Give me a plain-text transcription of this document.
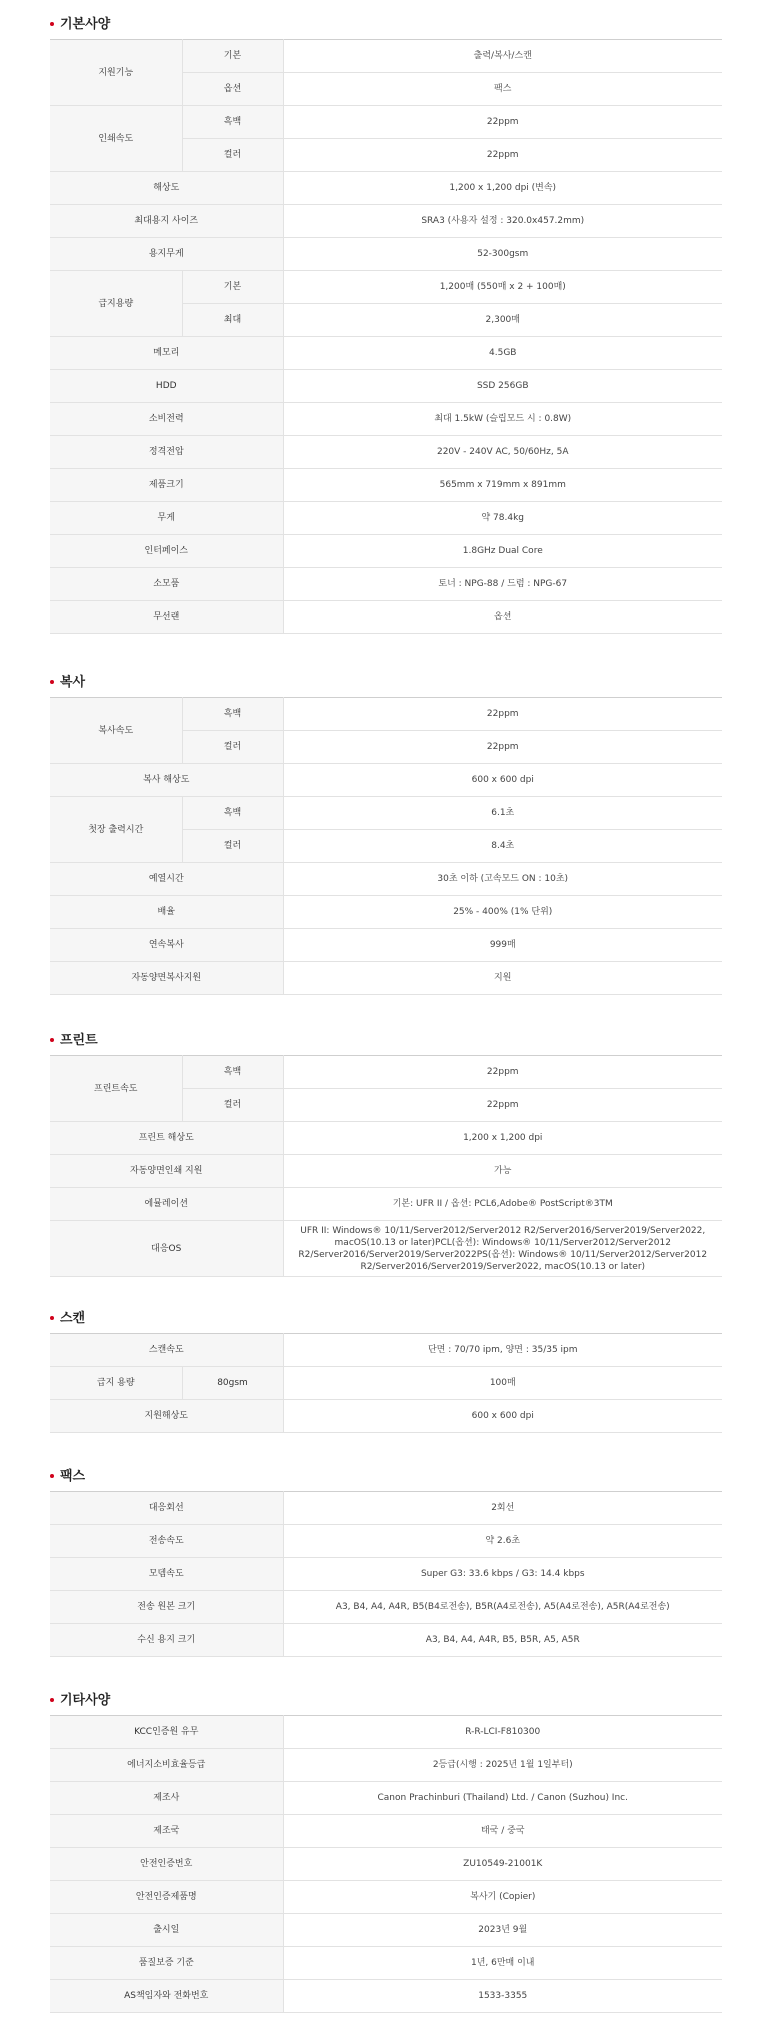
기본사양
지원기능	기본	출력/복사/스캔
	옵션	팩스
인쇄속도	흑백	22ppm
	컬러	22ppm
해상도		1,200 x 1,200 dpi (변속)
최대용지 사이즈		SRA3 (사용자 설정 : 320.0x457.2mm)
용지무게		52-300gsm
급지용량	기본	1,200매 (550매 x 2 + 100매)
	최대	2,300매
메모리		4.5GB
HDD		SSD 256GB
소비전력		최대 1.5kW (슬립모드 시 : 0.8W)
정격전압		220V - 240V AC, 50/60Hz, 5A
제품크기		565mm x 719mm x 891mm
무게		약 78.4kg
인터페이스		1.8GHz Dual Core
소모품		토너 : NPG-88 / 드럼 : NPG-67
무선랜		옵션
복사
복사속도	흑백	22ppm
	컬러	22ppm
복사 해상도		600 x 600 dpi
첫장 출력시간	흑백	6.1초
	컬러	8.4초
예열시간		30초 이하 (고속모드 ON : 10초)
배율		25% - 400% (1% 단위)
연속복사		999매
자동양면복사지원		지원
프린트
프린트속도	흑백	22ppm
	컬러	22ppm
프린트 해상도		1,200 x 1,200 dpi
자동양면인쇄 지원		가능
에뮬레이션		기본: UFR II / 옵션: PCL6,Adobe® PostScript®3TM
대응OS		UFR II: Windows® 10/11/Server2012/Server2012 R2/Server2016/Server2019/Server2022, macOS(10.13 or later)PCL(옵션): Windows® 10/11/Server2012/Server2012 R2/Server2016/Server2019/Server2022PS(옵션): Windows® 10/11/Server2012/Server2012 R2/Server2016/Server2019/Server2022, macOS(10.13 or later)
스캔
스캔속도		단면 : 70/70 ipm, 양면 : 35/35 ipm
급지 용량	80gsm	100매
지원해상도		600 x 600 dpi
팩스
대응회선	2회선
전송속도	약 2.6초
모뎀속도	Super G3: 33.6 kbps / G3: 14.4 kbps
전송 원본 크기	A3, B4, A4, A4R, B5(B4로전송), B5R(A4로전송), A5(A4로전송), A5R(A4로전송)
수신 용지 크기	A3, B4, A4, A4R, B5, B5R, A5, A5R
기타사양
KCC인증원 유무	R-R-LCI-F810300
에너지소비효율등급	2등급(시행 : 2025년 1월 1일부터)
제조사	Canon Prachinburi (Thailand) Ltd. / Canon (Suzhou) Inc.
제조국	태국 / 중국
안전인증번호	ZU10549-21001K
안전인증제품명	복사기 (Copier)
출시일	2023년 9월
품질보증 기준	1년, 6만매 이내
AS책임자와 전화번호	1533-3355
